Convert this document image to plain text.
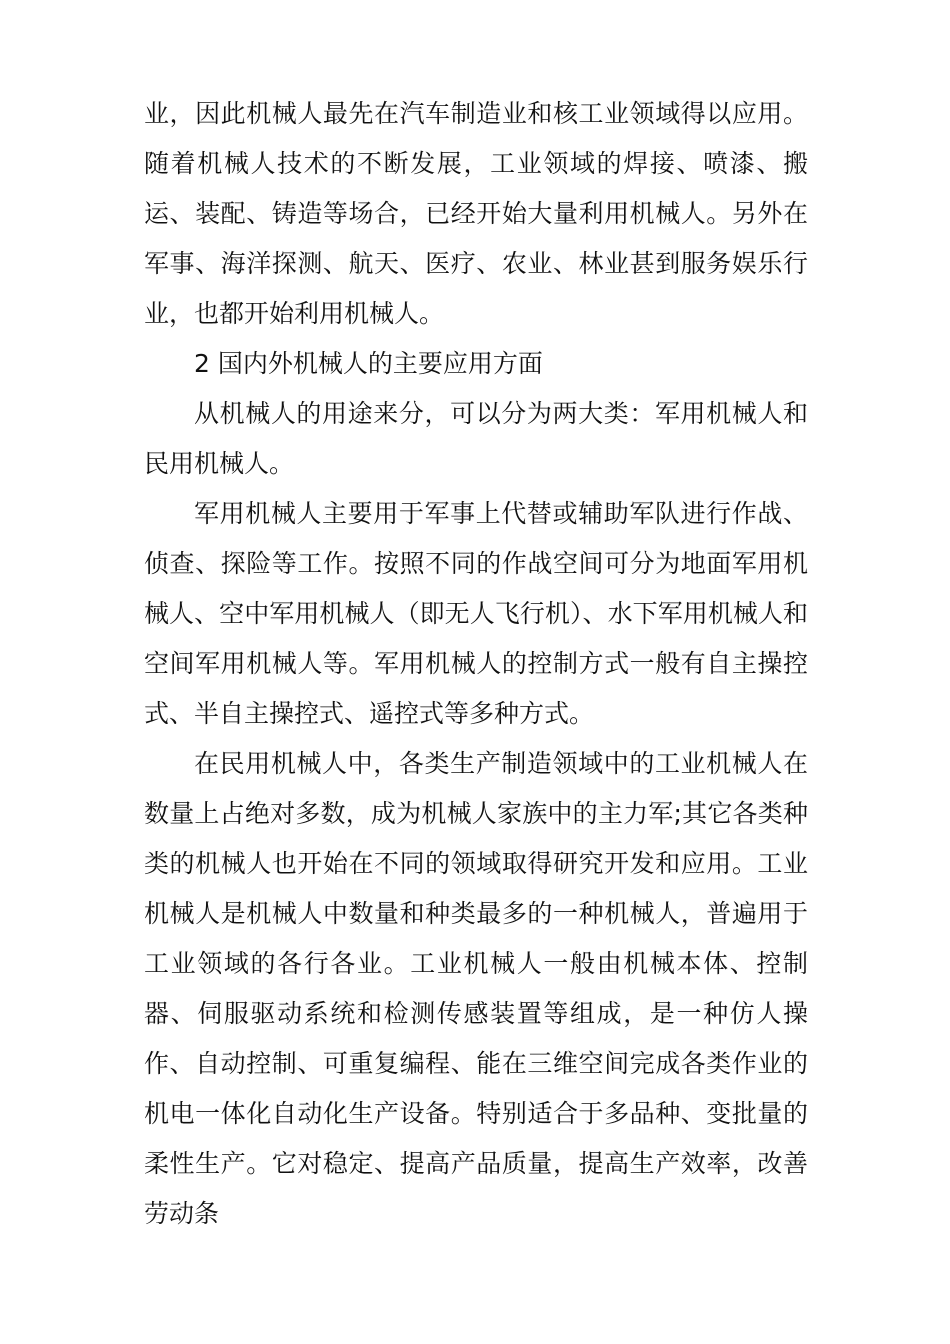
业，因此机械人最先在汽车制造业和核工业领域得以应用。随着机械人技术的不断发展，工业领域的焊接、喷漆、搬运、装配、铸造等场合，已经开始大量利用机械人。另外在军事、海洋探测、航天、医疗、农业、林业甚到服务娱乐行业，也都开始利用机械人。

2 国内外机械人的主要应用方面

从机械人的用途来分，可以分为两大类：军用机械人和民用机械人。

军用机械人主要用于军事上代替或辅助军队进行作战、侦查、探险等工作。按照不同的作战空间可分为地面军用机械人、空中军用机械人（即无人飞行机）、水下军用机械人和空间军用机械人等。军用机械人的控制方式一般有自主操控式、半自主操控式、遥控式等多种方式。

在民用机械人中，各类生产制造领域中的工业机械人在数量上占绝对多数，成为机械人家族中的主力军;其它各类种类的机械人也开始在不同的领域取得研究开发和应用。工业机械人是机械人中数量和种类最多的一种机械人，普遍用于工业领域的各行各业。工业机械人一般由机械本体、控制器、伺服驱动系统和检测传感装置等组成，是一种仿人操作、自动控制、可重复编程、能在三维空间完成各类作业的机电一体化自动化生产设备。特别适合于多品种、变批量的柔性生产。它对稳定、提高产品质量，提高生产效率，改善劳动条
